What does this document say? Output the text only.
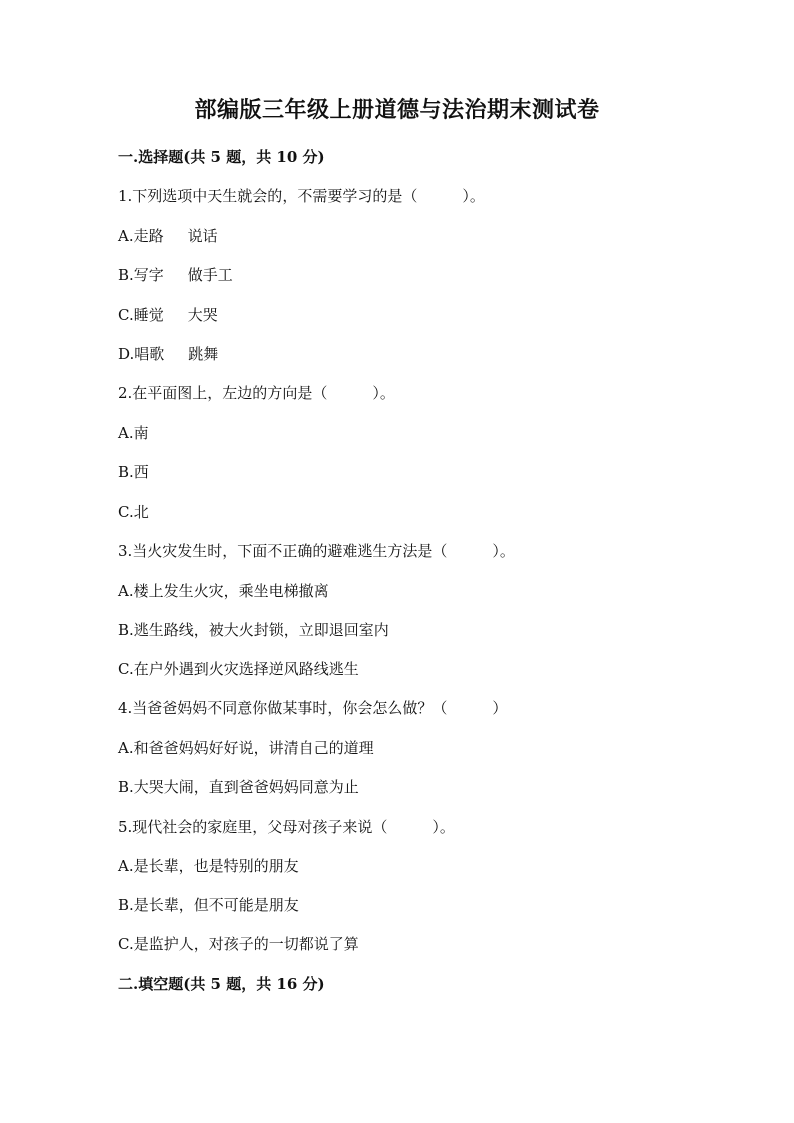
部编版三年级上册道德与法治期末测试卷
一.选择题(共 5 题，共 10 分)
1.下列选项中天生就会的，不需要学习的是（　　　）。
A.走路 说话
B.写字 做手工
C.睡觉 大哭
D.唱歌 跳舞
2.在平面图上，左边的方向是（　　　）。
A.南
B.西
C.北
3.当火灾发生时，下面不正确的避难逃生方法是（　　　）。
A.楼上发生火灾，乘坐电梯撤离
B.逃生路线，被大火封锁，立即退回室内
C.在户外遇到火灾选择逆风路线逃生
4.当爸爸妈妈不同意你做某事时，你会怎么做？（　　　）
A.和爸爸妈妈好好说，讲清自己的道理
B.大哭大闹，直到爸爸妈妈同意为止
5.现代社会的家庭里，父母对孩子来说（　　　）。
A.是长辈，也是特别的朋友
B.是长辈，但不可能是朋友
C.是监护人，对孩子的一切都说了算
二.填空题(共 5 题，共 16 分)
